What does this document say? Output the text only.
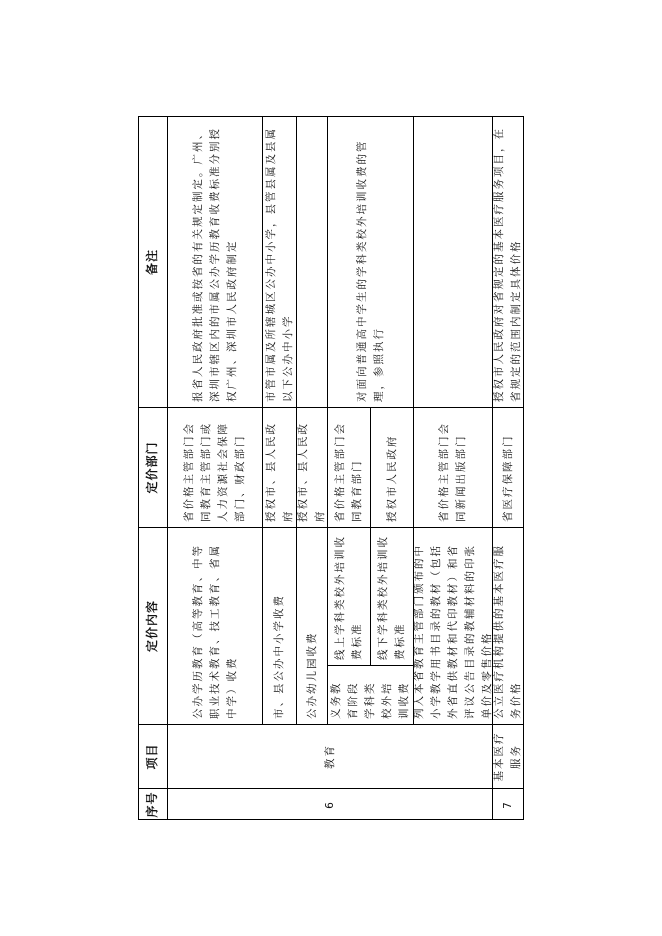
序号
项目
定价内容
定价部门
备注
6
教育
公办学历教育（高等教育、中等职业技术教育、技工教育、省属中学）收费
省价格主管部门会同教育主管部门或人力资源社会保障部门、财政部门
报省人民政府批准或按省的有关规定制定。广州、深圳市辖区内的市属公办学历教育收费标准分别授权广州、深圳市人民政府制定
市、县公办中小学收费
授权市、县人民政府
市管市属及所辖城区公办中小学，县管县属及县属以下公办中小学
公办幼儿园收费
授权市、县人民政府
义务教育阶段学科类校外培训收费
线上学科类校外培训收费标准	线下学科类校外培训收费标准
省价格主管部门会同教育部门	授权市人民政府
对面向普通高中学生的学科类校外培训收费的管理，参照执行
列入本省教育主管部门颁布的中小学教学用书目录的教材（包括外省直供教材和代印教材）和省评议公告目录的教辅材料的印张单价及零售价格
省价格主管部门会同新闻出版部门
7
基本医疗服务
公立医疗机构提供的基本医疗服务价格
省医疗保障部门
授权市人民政府对省规定的基本医疗服务项目，在省规定的范围内制定具体价格
